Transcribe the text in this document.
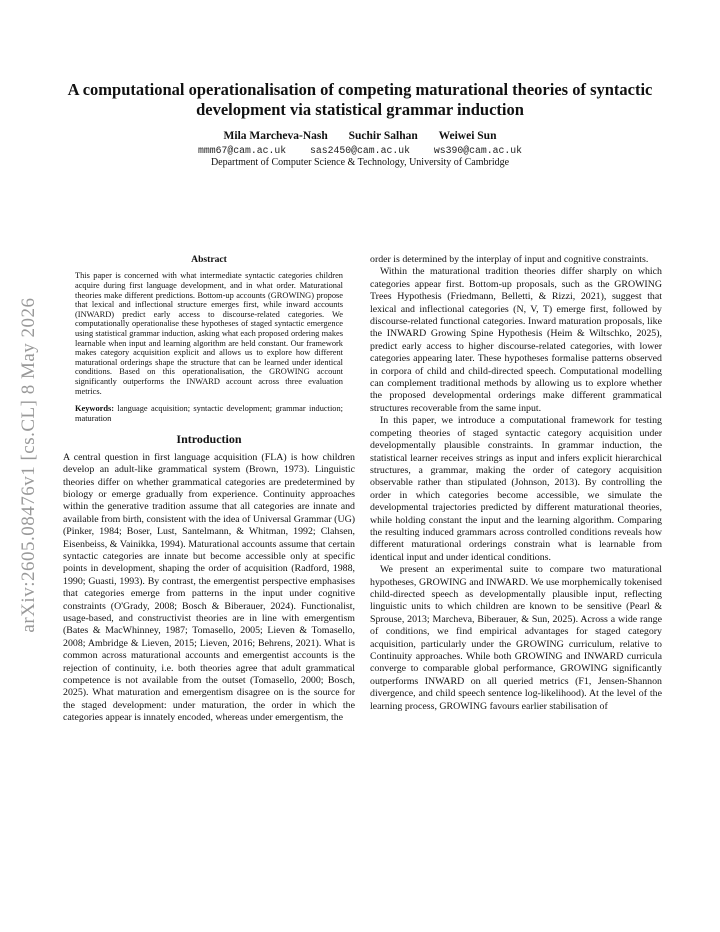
arXiv:2605.08476v1 [cs.CL] 8 May 2026
A computational operationalisation of competing maturational theories of syntactic development via statistical grammar induction
Mila Marcheva-Nash Suchir Salhan Weiwei Sun
mmm67@cam.ac.uk sas2450@cam.ac.uk ws390@cam.ac.uk
Department of Computer Science & Technology, University of Cambridge
Abstract
This paper is concerned with what intermediate syntactic categories children acquire during first language development, and in what order. Maturational theories make different predictions. Bottom-up accounts (GROWING) propose that lexical and inflectional structure emerges first, while inward accounts (INWARD) predict early access to discourse-related categories. We computationally operationalise these hypotheses of staged syntactic emergence using statistical grammar induction, asking what each proposed ordering makes learnable when input and learning algorithm are held constant. Our framework makes category acquisition explicit and allows us to explore how different maturational orderings shape the structure that can be learned under identical conditions. Based on this operationalisation, the GROWING account significantly outperforms the INWARD account across three evaluation metrics.
Keywords: language acquisition; syntactic development; grammar induction; maturation
Introduction

A central question in first language acquisition (FLA) is how children develop an adult-like grammatical system (Brown, 1973). Linguistic theories differ on whether grammatical categories are predetermined by biology or emerge gradually from experience. Continuity approaches within the generative tradition assume that all categories are innate and available from birth, consistent with the idea of Universal Grammar (UG) (Pinker, 1984; Boser, Lust, Santelmann, & Whitman, 1992; Clahsen, Eisenbeiss, & Vainikka, 1994). Maturational accounts assume that certain syntactic categories are innate but become accessible only at specific points in development, shaping the order of acquisition (Radford, 1988, 1990; Guasti, 1993). By contrast, the emergentist perspective emphasises that categories emerge from patterns in the input under cognitive constraints (O'Grady, 2008; Bosch & Biberauer, 2024). Functionalist, usage-based, and constructivist theories are in line with emergentism (Bates & MacWhinney, 1987; Tomasello, 2005; Lieven & Tomasello, 2008; Ambridge & Lieven, 2015; Lieven, 2016; Behrens, 2021). What is common across maturational accounts and emergentist accounts is the rejection of continuity, i.e. both theories agree that adult grammatical competence is not available from the outset (Tomasello, 2000; Bosch, 2025). What maturation and emergentism disagree on is the source for the staged development: under maturation, the order in which the categories appear is innately encoded, whereas under emergentism, the

order is determined by the interplay of input and cognitive constraints.

Within the maturational tradition theories differ sharply on which categories appear first. Bottom-up proposals, such as the GROWING Trees Hypothesis (Friedmann, Belletti, & Rizzi, 2021), suggest that lexical and inflectional categories (N, V, T) emerge first, followed by discourse-related functional categories. Inward maturation proposals, like the INWARD Growing Spine Hypothesis (Heim & Wiltschko, 2025), predict early access to higher discourse-related categories, with lower categories appearing later. These hypotheses formalise patterns observed in corpora of child and child-directed speech. Computational modelling can complement traditional methods by allowing us to explore whether the proposed developmental orderings make different grammatical structures recoverable from the same input.

In this paper, we introduce a computational framework for testing competing theories of staged syntactic category acquisition under developmentally plausible constraints. In grammar induction, the statistical learner receives strings as input and infers explicit hierarchical structures, a grammar, making the order of category acquisition observable rather than stipulated (Johnson, 2013). By controlling the order in which categories become accessible, we simulate the developmental trajectories predicted by different maturational theories, while holding constant the input and the learning algorithm. Comparing the resulting induced grammars across controlled conditions reveals how different maturational orderings constrain what is learnable from identical input and under identical conditions.

We present an experimental suite to compare two maturational hypotheses, GROWING and INWARD. We use morphemically tokenised child-directed speech as developmentally plausible input, reflecting linguistic units to which children are known to be sensitive (Pearl & Sprouse, 2013; Marcheva, Biberauer, & Sun, 2025). Across a wide range of conditions, we find empirical advantages for staged category acquisition, particularly under the GROWING curriculum, relative to Continuity approaches. While both GROWING and INWARD curricula converge to comparable global performance, GROWING significantly outperforms INWARD on all queried metrics (F1, Jensen-Shannon divergence, and child speech sentence log-likelihood). At the level of the learning process, GROWING favours earlier stabilisation of
